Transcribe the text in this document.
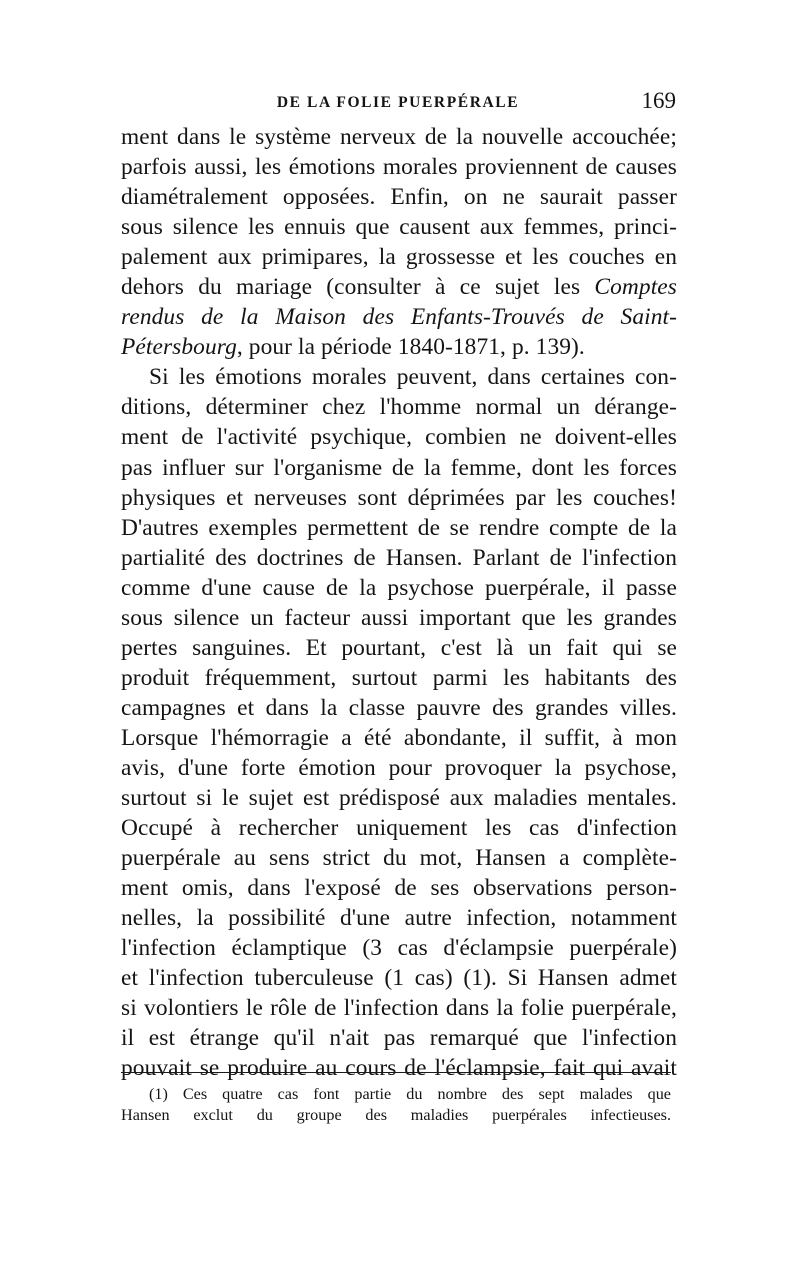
DE LA FOLIE PUERPÉRALE	169
ment dans le système nerveux de la nouvelle accouchée;
parfois aussi, les émotions morales proviennent de causes
diamétralement opposées. Enfin, on ne saurait passer
sous silence les ennuis que causent aux femmes, princi-
palement aux primipares, la grossesse et les couches en
dehors du mariage (consulter à ce sujet les Comptes
rendus de la Maison des Enfants-Trouvés de Saint-
Pétersbourg, pour la période 1840-1871, p. 139).
Si les émotions morales peuvent, dans certaines con-
ditions, déterminer chez l'homme normal un dérange-
ment de l'activité psychique, combien ne doivent-elles
pas influer sur l'organisme de la femme, dont les forces
physiques et nerveuses sont déprimées par les couches!
D'autres exemples permettent de se rendre compte de la
partialité des doctrines de Hansen. Parlant de l'infection
comme d'une cause de la psychose puerpérale, il passe
sous silence un facteur aussi important que les grandes
pertes sanguines. Et pourtant, c'est là un fait qui se
produit fréquemment, surtout parmi les habitants des
campagnes et dans la classe pauvre des grandes villes.
Lorsque l'hémorragie a été abondante, il suffit, à mon
avis, d'une forte émotion pour provoquer la psychose,
surtout si le sujet est prédisposé aux maladies mentales.
Occupé à rechercher uniquement les cas d'infection
puerpérale au sens strict du mot, Hansen a complète-
ment omis, dans l'exposé de ses observations person-
nelles, la possibilité d'une autre infection, notamment
l'infection éclamptique (3 cas d'éclampsie puerpérale)
et l'infection tuberculeuse (1 cas) (1). Si Hansen admet
si volontiers le rôle de l'infection dans la folie puerpérale,
il est étrange qu'il n'ait pas remarqué que l'infection
pouvait se produire au cours de l'éclampsie, fait qui avait
(1) Ces quatre cas font partie du nombre des sept malades que
Hansen exclut du groupe des maladies puerpérales infectieuses.
